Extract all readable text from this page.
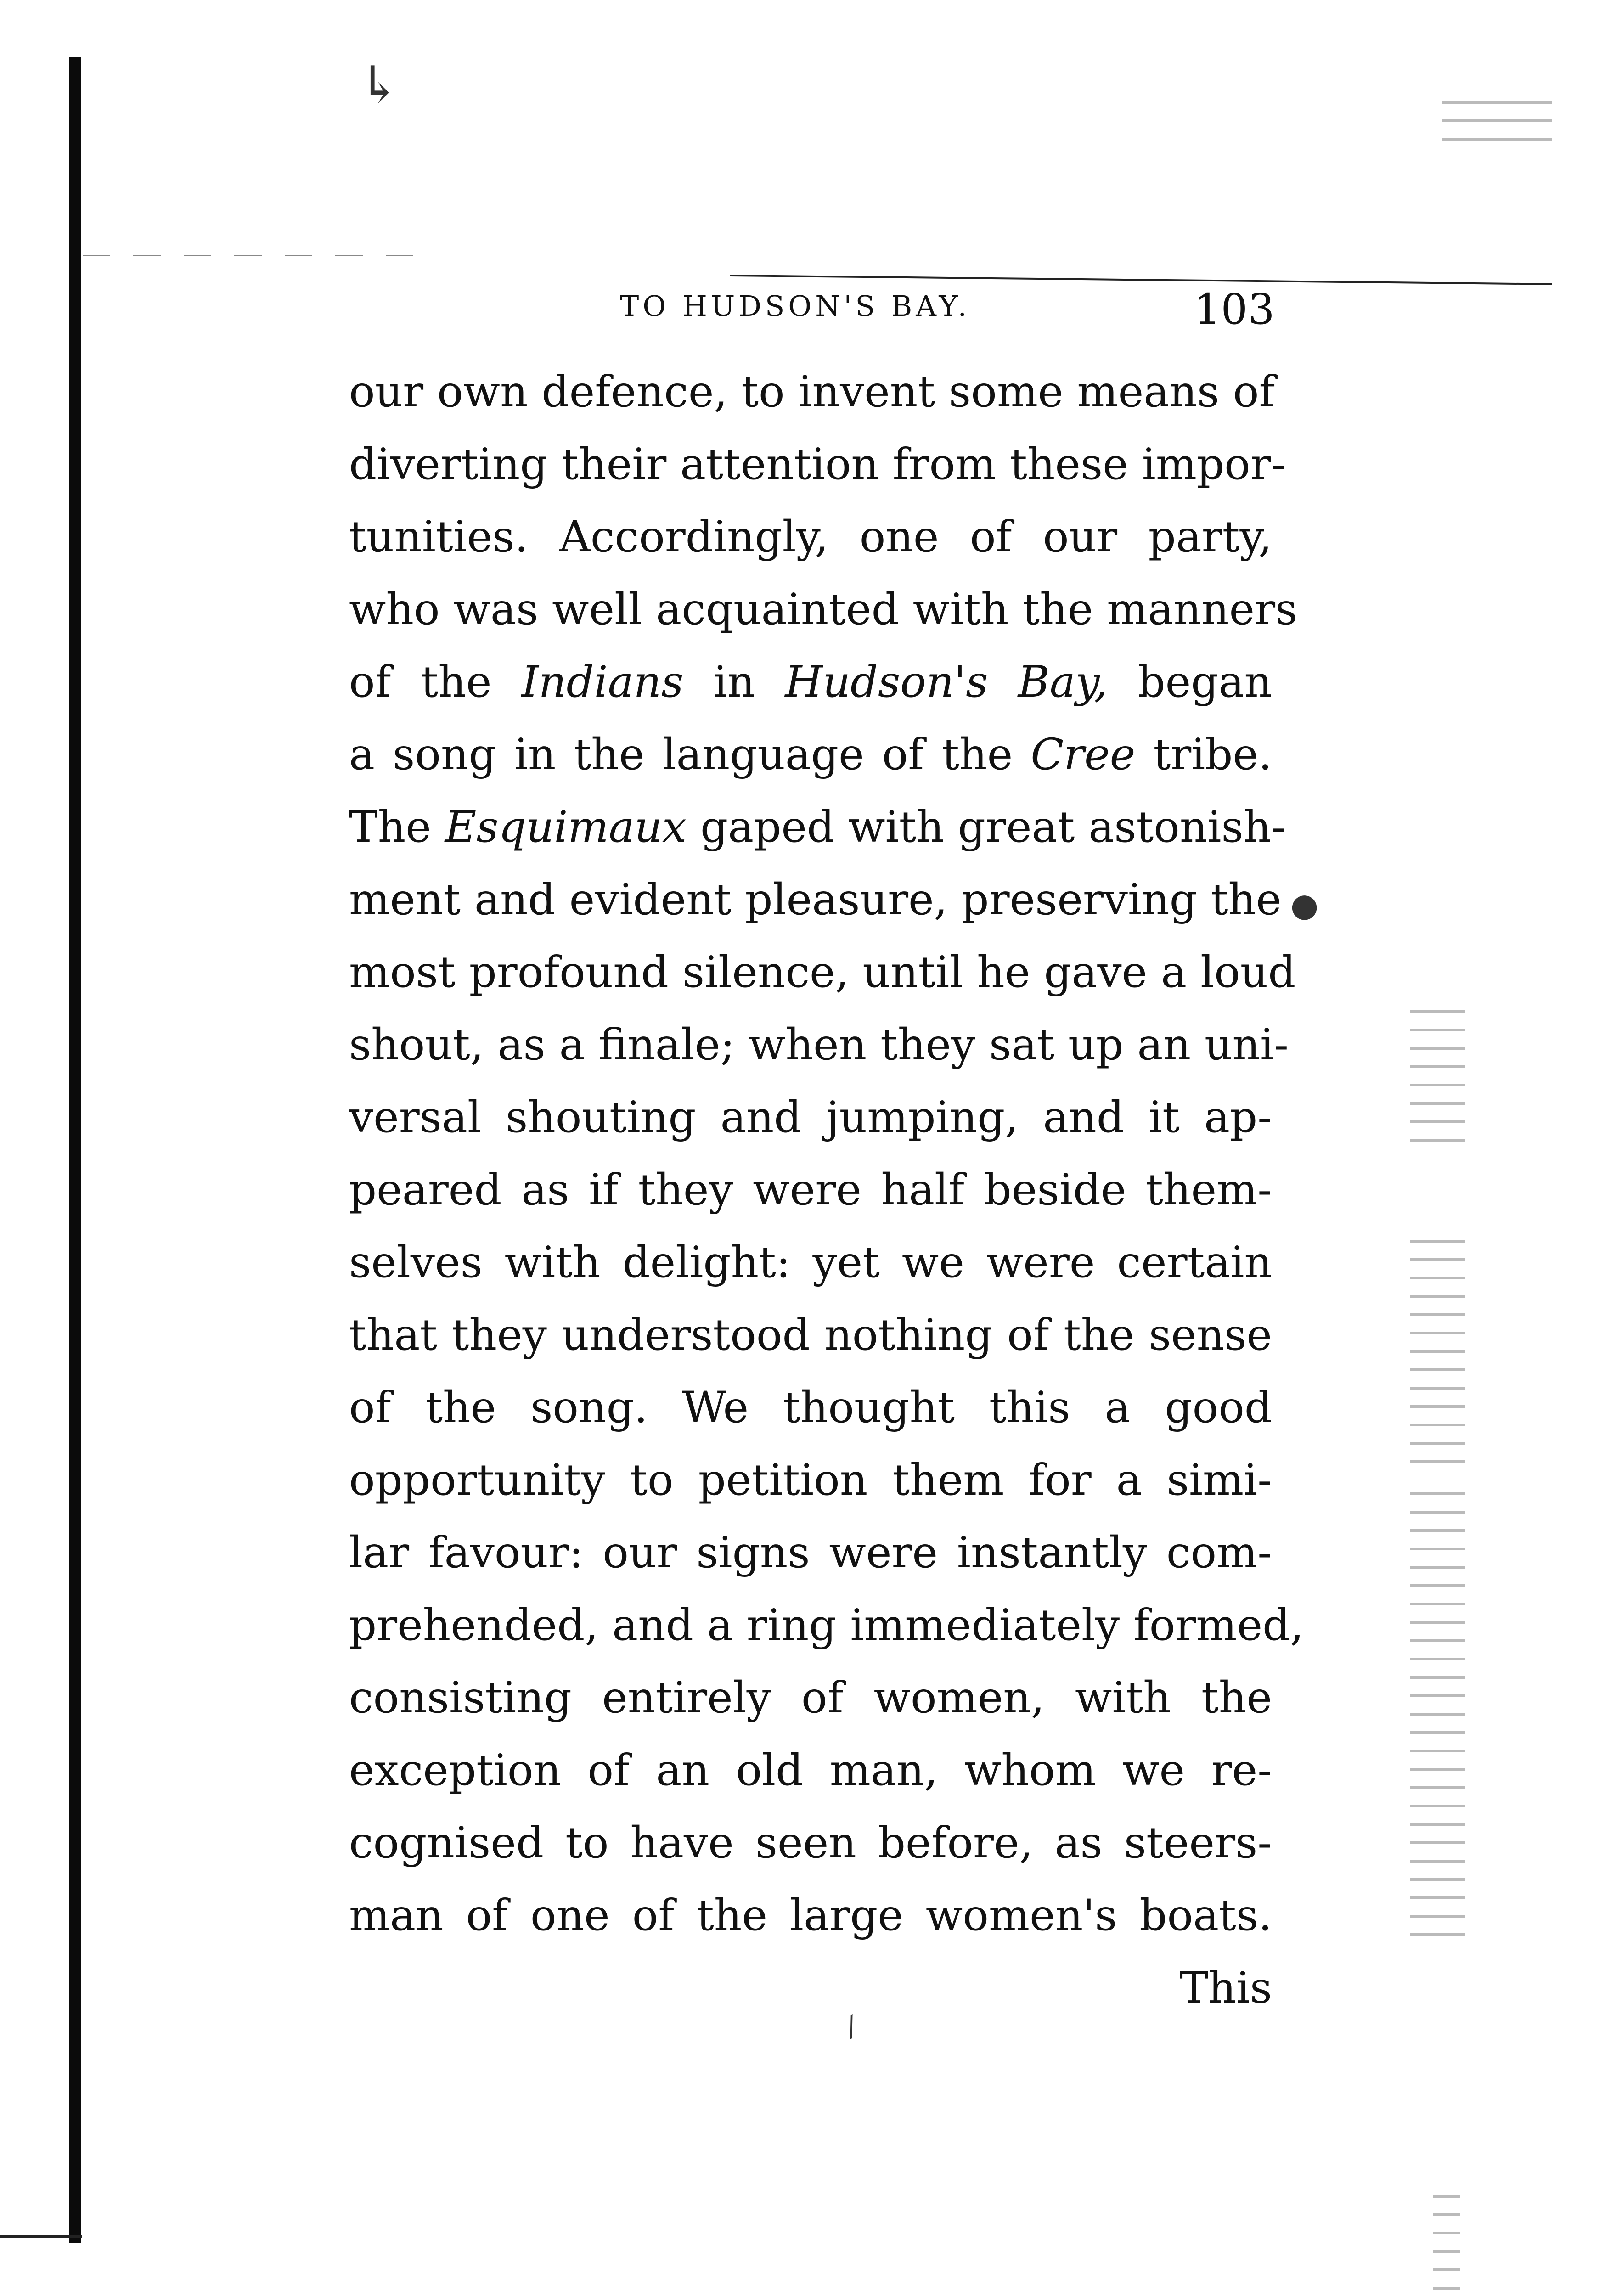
TO HUDSON'S BAY.	103
our own defence, to invent some means of
diverting their attention from these impor-
tunities. Accordingly, one of our party,
who was well acquainted with the manners
of the Indians in Hudson's Bay, began
a song in the language of the Cree tribe.
The Esquimaux gaped with great astonish-
ment and evident pleasure, preserving the
most profound silence, until he gave a loud
shout, as a finale; when they sat up an uni-
versal shouting and jumping, and it ap-
peared as if they were half beside them-
selves with delight: yet we were certain
that they understood nothing of the sense
of the song. We thought this a good
opportunity to petition them for a simi-
lar favour: our signs were instantly com-
prehended, and a ring immediately formed,
consisting entirely of women, with the
exception of an old man, whom we re-
cognised to have seen before, as steers-
man of one of the large women's boats.
This
↳
●
⁄
